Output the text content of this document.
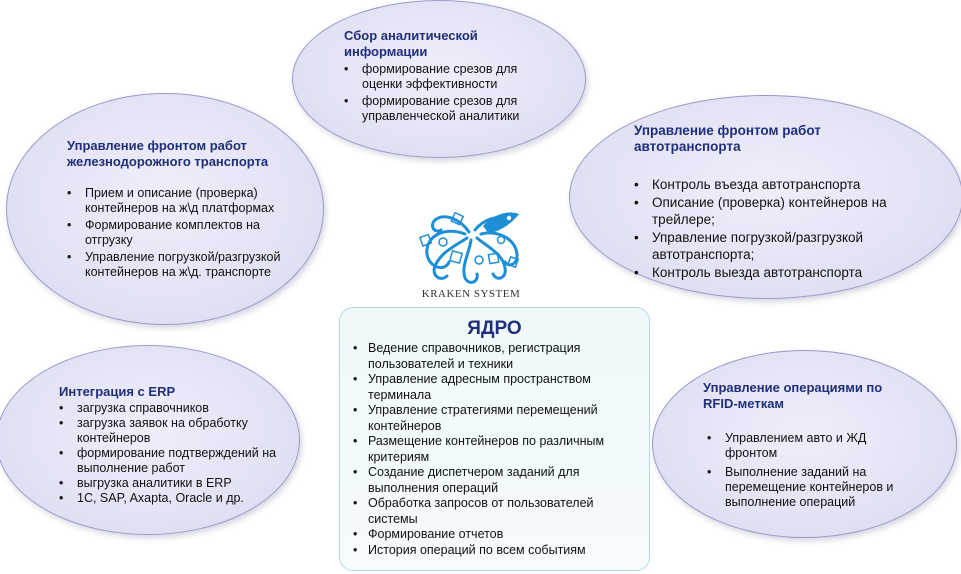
Сбор аналитической информации

• формирование срезов для оценки эффективности
• формирование срезов для управленческой аналитики

Управление фронтом работ железнодорожного транспорта

• Прием и описание (проверка) контейнеров на ж\д платформах
• Формирование комплектов на отгрузку
• Управление погрузкой/разгрузкой контейнеров на ж\д. транспорте

Управление фронтом работ автотранспорта

• Контроль въезда автотранспорта
• Описание (проверка) контейнеров на трейлере;
• Управление погрузкой/разгрузкой автотранспорта;
• Контроль выезда автотранспорта

Интеграция с ERP

• загрузка справочников
• загрузка заявок на обработку контейнеров
• формирование подтверждений на выполнение работ
• выгрузка аналитики в ERP
• 1C, SAP, Axapta, Oracle и др.

Управление операциями по RFID-меткам

• Управлением авто и ЖД фронтом
• Выполнение заданий на перемещение контейнеров и выполнение операций
KRAKEN SYSTEM

ЯДРО

• Ведение справочников, регистрация пользователей и техники
• Управление адресным пространством терминала
• Управление стратегиями перемещений контейнеров
• Размещение контейнеров по различным критериям
• Создание диспетчером заданий для выполнения операций
• Обработка запросов от пользователей системы
• Формирование отчетов
• История операций по всем событиям
